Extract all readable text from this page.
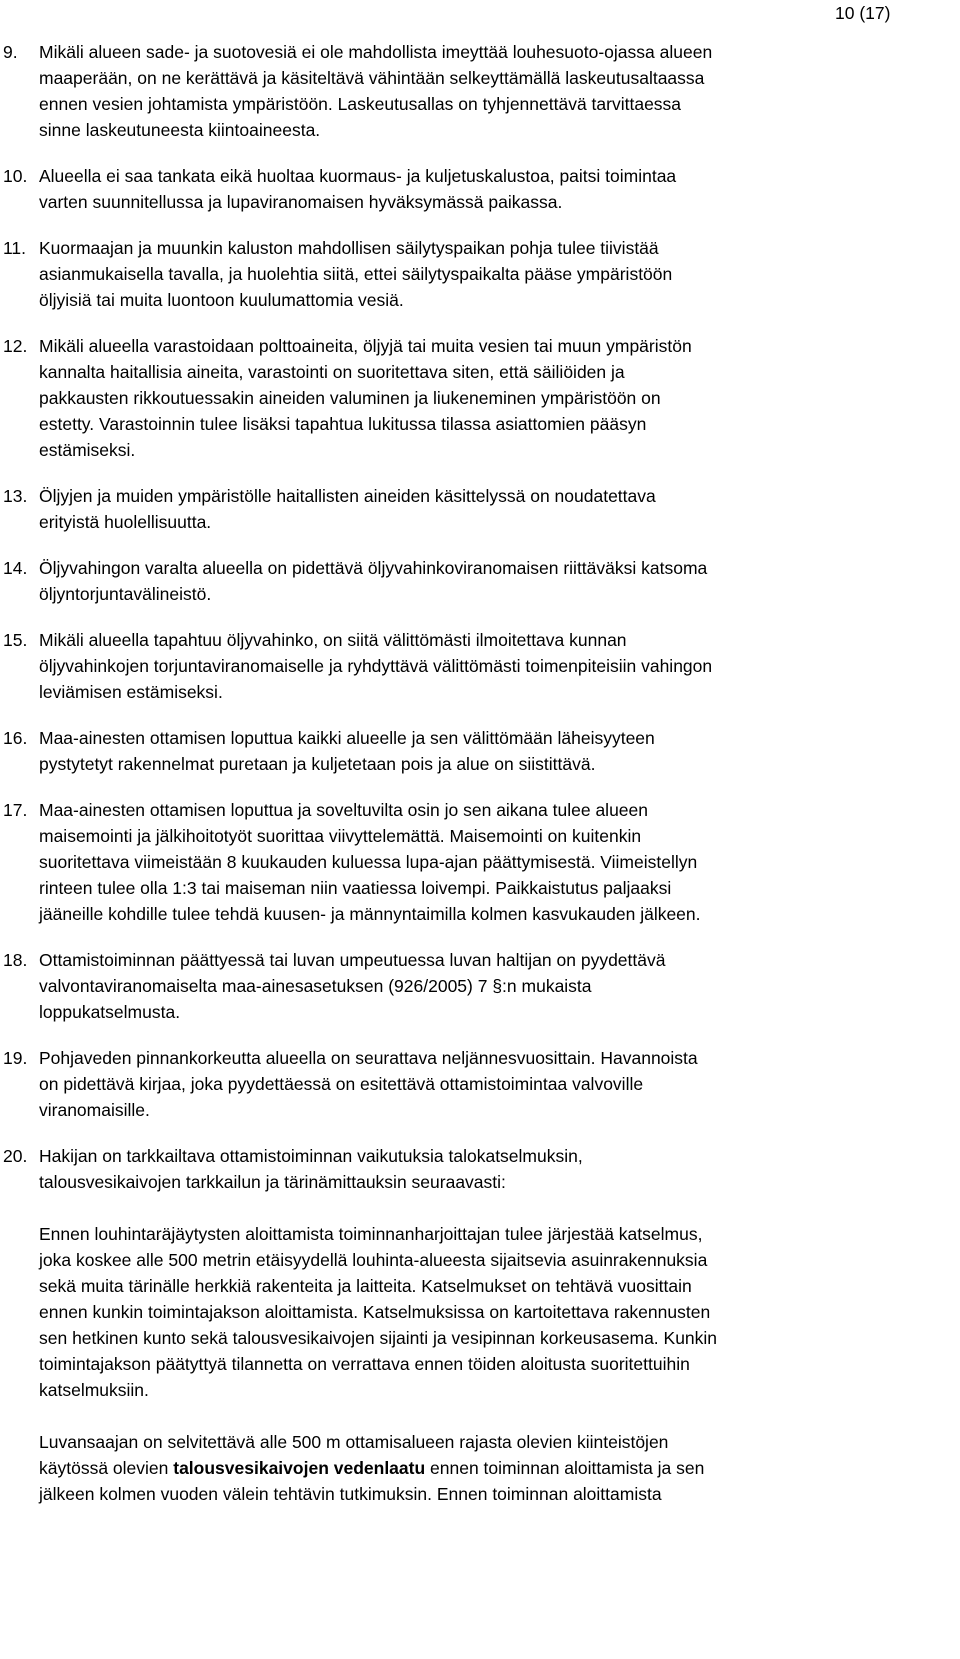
10 (17)
9.	Mikäli alueen sade- ja suotovesiä ei ole mahdollista imeyttää louhesuoto-ojassa alueen
maaperään, on ne kerättävä ja käsiteltävä vähintään selkeyttämällä laskeutusaltaassa
ennen vesien johtamista ympäristöön. Laskeutusallas on tyhjennettävä tarvittaessa
sinne laskeutuneesta kiintoaineesta.

10. Alueella ei saa tankata eikä huoltaa kuormaus- ja kuljetuskalustoa, paitsi toimintaa
varten suunnitellussa ja lupaviranomaisen hyväksymässä paikassa.

11. Kuormaajan ja muunkin kaluston mahdollisen säilytyspaikan pohja tulee tiivistää
asianmukaisella tavalla, ja huolehtia siitä, ettei säilytyspaikalta pääse ympäristöön
öljyisiä tai muita luontoon kuulumattomia vesiä.

12. Mikäli alueella varastoidaan polttoaineita, öljyjä tai muita vesien tai muun ympäristön
kannalta haitallisia aineita, varastointi on suoritettava siten, että säiliöiden ja
pakkausten rikkoutuessakin aineiden valuminen ja liukeneminen ympäristöön on
estetty. Varastoinnin tulee lisäksi tapahtua lukitussa tilassa asiattomien pääsyn
estämiseksi.

13. Öljyjen ja muiden ympäristölle haitallisten aineiden käsittelyssä on noudatettava
erityistä huolellisuutta.

14. Öljyvahingon varalta alueella on pidettävä öljyvahinkoviranomaisen riittäväksi katsoma
öljyntorjuntavälineistö.

15. Mikäli alueella tapahtuu öljyvahinko, on siitä välittömästi ilmoitettava kunnan
öljyvahinkojen torjuntaviranomaiselle ja ryhdyttävä välittömästi toimenpiteisiin vahingon
leviämisen estämiseksi.

16. Maa-ainesten ottamisen loputtua kaikki alueelle ja sen välittömään läheisyyteen
pystytetyt rakennelmat puretaan ja kuljetetaan pois ja alue on siistittävä.

17. Maa-ainesten ottamisen loputtua ja soveltuvilta osin jo sen aikana tulee alueen
maisemointi ja jälkihoitotyöt suorittaa viivyttelemättä. Maisemointi on kuitenkin
suoritettava viimeistään 8 kuukauden kuluessa lupa-ajan päättymisestä. Viimeistellyn
rinteen tulee olla 1:3 tai maiseman niin vaatiessa loivempi. Paikkaistutus paljaaksi
jääneille kohdille tulee tehdä kuusen- ja männyntaimilla kolmen kasvukauden jälkeen.

18. Ottamistoiminnan päättyessä tai luvan umpeutuessa luvan haltijan on pyydettävä
valvontaviranomaiselta maa-ainesasetuksen (926/2005) 7 §:n mukaista
loppukatselmusta.

19. Pohjaveden pinnankorkeutta alueella on seurattava neljännesvuosittain. Havannoista
on pidettävä kirjaa, joka pyydettäessä on esitettävä ottamistoimintaa valvoville
viranomaisille.

20. Hakijan on tarkkailtava ottamistoiminnan vaikutuksia talokatselmuksin,
talousvesikaivojen tarkkailun ja tärinämittauksin seuraavasti:

Ennen louhintaräjäytysten aloittamista toiminnanharjoittajan tulee järjestää katselmus,
joka koskee alle 500 metrin etäisyydellä louhinta-alueesta sijaitsevia asuinrakennuksia
sekä muita tärinälle herkkiä rakenteita ja laitteita. Katselmukset on tehtävä vuosittain
ennen kunkin toimintajakson aloittamista. Katselmuksissa on kartoitettava rakennusten
sen hetkinen kunto sekä talousvesikaivojen sijainti ja vesipinnan korkeusasema. Kunkin
toimintajakson päätyttyä tilannetta on verrattava ennen töiden aloitusta suoritettuihin
katselmuksiin.

Luvansaajan on selvitettävä alle 500 m ottamisalueen rajasta olevien kiinteistöjen
käytössä olevien talousvesikaivojen vedenlaatu ennen toiminnan aloittamista ja sen
jälkeen kolmen vuoden välein tehtävin tutkimuksin. Ennen toiminnan aloittamista
